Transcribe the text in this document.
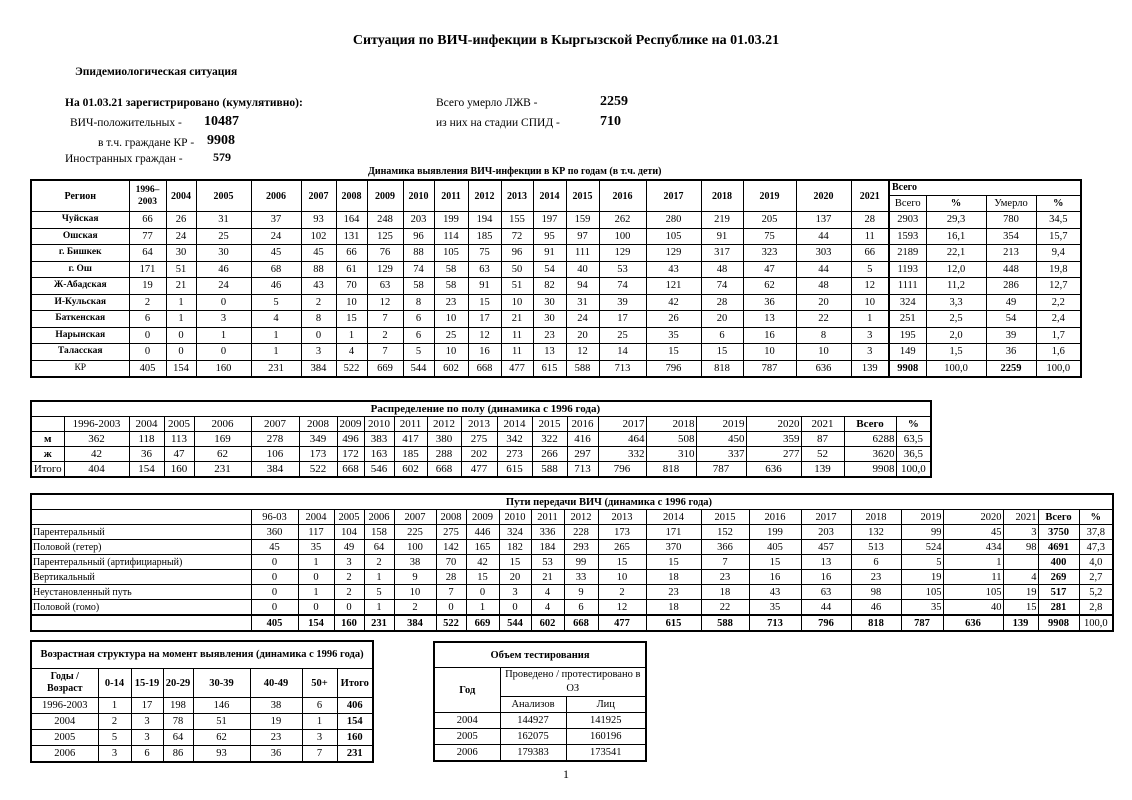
Ситуация по ВИЧ-инфекции в Кыргызской Республике на 01.03.21
Эпидемиологическая ситуация
На 01.03.21 зарегистрировано (кумулятивно):
ВИЧ-положительных - 10487
в т.ч. граждане КР - 9908
Иностранных граждан -	579
Всего умерло ЛЖВ -	2259
из них на стадии СПИД -	710
Динамика выявления ВИЧ-инфекции в КР по годам (в т.ч. дети)
Регион	1996–2003	2004	2005	2006	2007	2008	2009	2010	2011	2012	2013	2014	2015	2016	2017	2018	2019	2020	2021	Всего			
																				Всего	%	Умерло	%
Чуйская	66	26	31	37	93	164	248	203	199	194	155	197	159	262	280	219	205	137	28	2903	29,3	780	34,5
Ошская	77	24	25	24	102	131	125	96	114	185	72	95	97	100	105	91	75	44	11	1593	16,1	354	15,7
г. Бишкек	64	30	30	45	45	66	76	88	105	75	96	91	111	129	129	317	323	303	66	2189	22,1	213	9,4
г. Ош	171	51	46	68	88	61	129	74	58	63	50	54	40	53	43	48	47	44	5	1193	12,0	448	19,8
Ж-Абадская	19	21	24	46	43	70	63	58	58	91	51	82	94	74	121	74	62	48	12	1111	11,2	286	12,7
И-Кульская	2	1	0	5	2	10	12	8	23	15	10	30	31	39	42	28	36	20	10	324	3,3	49	2,2
Баткенская	6	1	3	4	8	15	7	6	10	17	21	30	24	17	26	20	13	22	1	251	2,5	54	2,4
Нарынская	0	0	1	1	0	1	2	6	25	12	11	23	20	25	35	6	16	8	3	195	2,0	39	1,7
Таласская	0	0	0	1	3	4	7	5	10	16	11	13	12	14	15	15	10	10	3	149	1,5	36	1,6
КР	405	154	160	231	384	522	669	544	602	668	477	615	588	713	796	818	787	636	139	9908	100,0	2259	100,0
Распределение по полу (динамика с 1996 года)																					
	1996-2003	2004	2005	2006	2007	2008	2009	2010	2011	2012	2013	2014	2015	2016	2017	2018	2019	2020	2021	Всего	%
м	362	118	113	169	278	349	496	383	417	380	275	342	322	416	464	508	450	359	87	6288	63,5
ж	42	36	47	62	106	173	172	163	185	288	202	273	266	297	332	310	337	277	52	3620	36,5
Итого	404	154	160	231	384	522	668	546	602	668	477	615	588	713	796	818	787	636	139	9908	100,0
Пути передачи ВИЧ (динамика с 1996 года)																					
	96-03	2004	2005	2006	2007	2008	2009	2010	2011	2012	2013	2014	2015	2016	2017	2018	2019	2020	2021	Всего	%
Парентеральный	360	117	104	158	225	275	446	324	336	228	173	171	152	199	203	132	99	45	3	3750	37,8
Половой (гетер)	45	35	49	64	100	142	165	182	184	293	265	370	366	405	457	513	524	434	98	4691	47,3
Парентеральный (артифициарный)	0	1	3	2	38	70	42	15	53	99	15	15	7	15	13	6	5	1		400	4,0
Вертикальный	0	0	2	1	9	28	15	20	21	33	10	18	23	16	16	23	19	11	4	269	2,7
Неустановленный путь	0	1	2	5	10	7	0	3	4	9	2	23	18	43	63	98	105	105	19	517	5,2
Половой (гомо)	0	0	0	1	2	0	1	0	4	6	12	18	22	35	44	46	35	40	15	281	2,8
	405	154	160	231	384	522	669	544	602	668	477	615	588	713	796	818	787	636	139	9908	100,0
Возрастная структура на момент выявления (динамика с 1996 года)							
Годы / Возраст	0-14	15-19	20-29	30-39	40-49	50+	Итого
1996-2003	1	17	198	146	38	6	406
2004	2	3	78	51	19	1	154
2005	5	3	64	62	23	3	160
2006	3	6	86	93	36	7	231
Объем тестирования		
Год	Проведено / протестировано в ОЗ	
	Анализов	Лиц
2004	144927	141925
2005	162075	160196
2006	179383	173541
1
